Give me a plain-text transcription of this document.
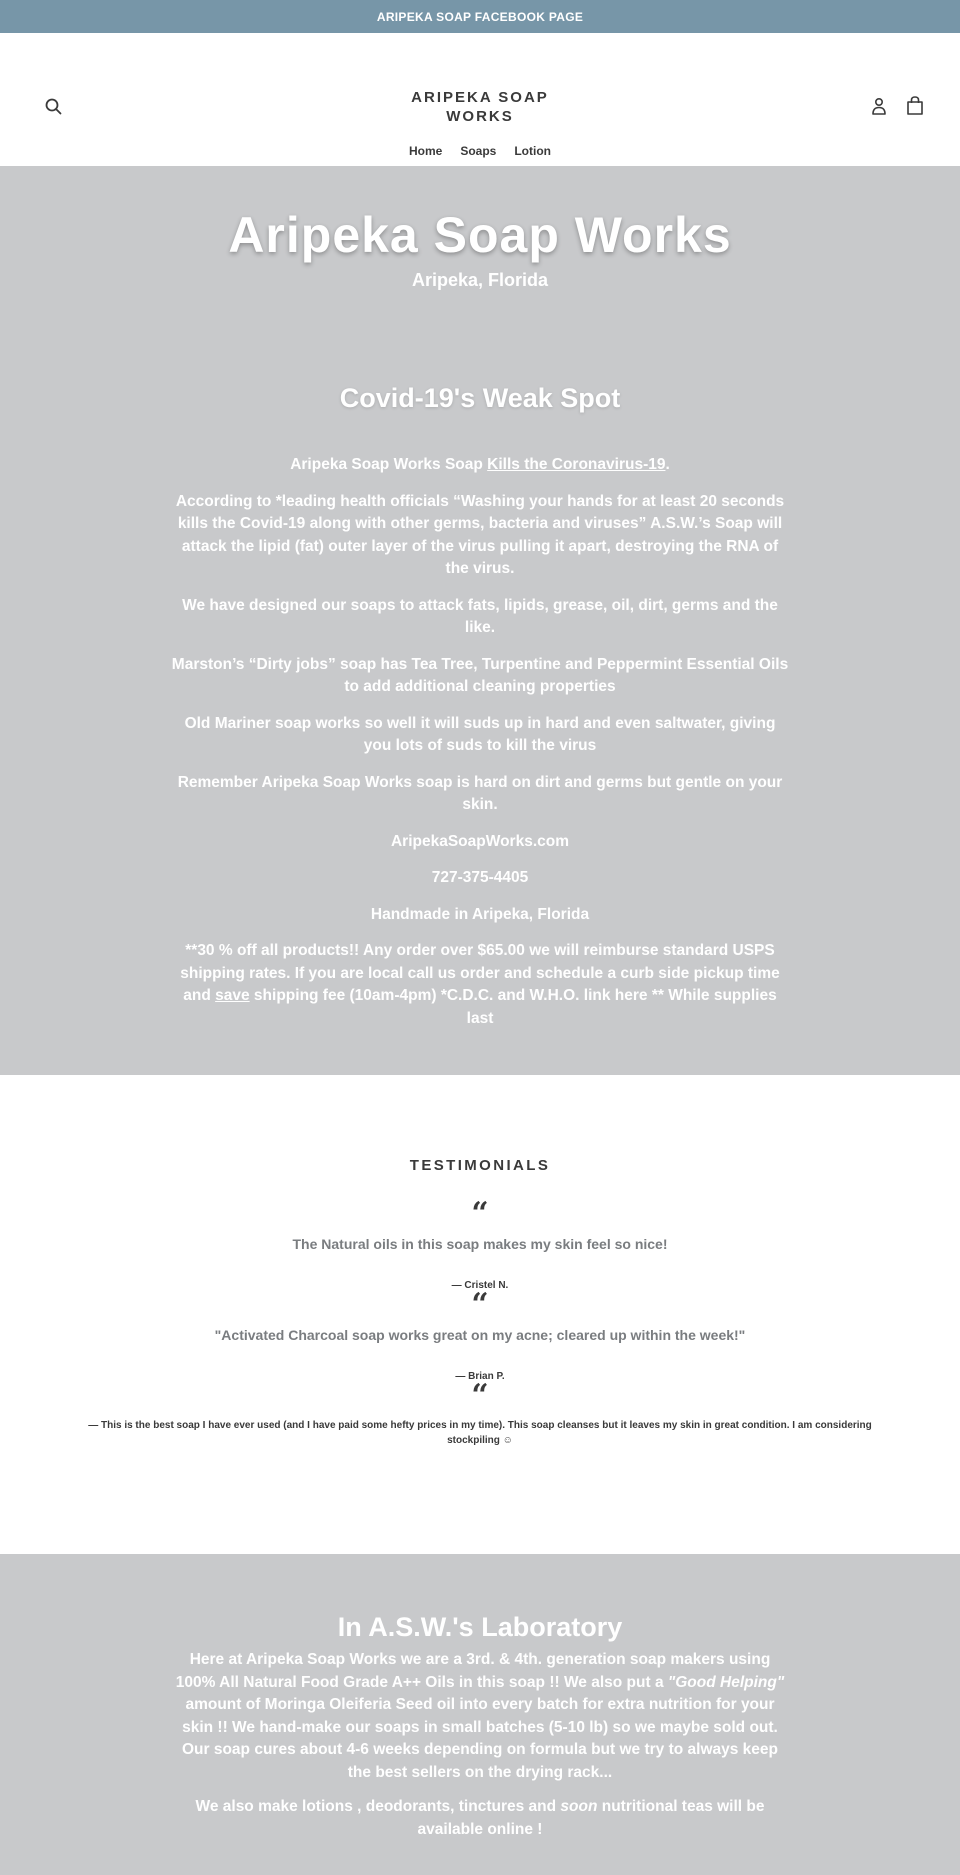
ARIPEKA SOAP FACEBOOK PAGE
ARIPEKA SOAP WORKS
Home Soaps Lotion
Aripeka Soap Works
Aripeka, Florida
Covid-19's Weak Spot

Aripeka Soap Works Soap Kills the Coronavirus-19.

According to *leading health officials “Washing your hands for at least 20 seconds kills the Covid-19 along with other germs, bacteria and viruses” A.S.W.’s Soap will attack the lipid (fat) outer layer of the virus pulling it apart, destroying the RNA of the virus.

We have designed our soaps to attack fats, lipids, grease, oil, dirt, germs and the like.

Marston’s “Dirty jobs” soap has Tea Tree, Turpentine and Peppermint Essential Oils to add additional cleaning properties

Old Mariner soap works so well it will suds up in hard and even saltwater, giving you lots of suds to kill the virus

Remember Aripeka Soap Works soap is hard on dirt and germs but gentle on your skin.

AripekaSoapWorks.com

727-375-4405

Handmade in Aripeka, Florida

**30 % off all products!! Any order over $65.00 we will reimburse standard USPS shipping rates. If you are local call us order and schedule a curb side pickup time and save shipping fee (10am-4pm) *C.D.C. and W.H.O. link here ** While supplies last

TESTIMONIALS
“
The Natural oils in this soap makes my skin feel so nice!
— Cristel N.
“
"Activated Charcoal soap works great on my acne; cleared up within the week!"
— Brian P.
“
— This is the best soap I have ever used (and I have paid some hefty prices in my time). This soap cleanses but it leaves my skin in great condition. I am considering stockpiling ☺
In A.S.W.'s Laboratory

Here at Aripeka Soap Works we are a 3rd. & 4th. generation soap makers using 100% All Natural Food Grade A++ Oils in this soap !! We also put a "Good Helping" amount of Moringa Oleiferia Seed oil into every batch for extra nutrition for your skin !! We hand-make our soaps in small batches (5-10 lb) so we maybe sold out. Our soap cures about 4-6 weeks depending on formula but we try to always keep the best sellers on the drying rack...

We also make lotions , deodorants, tinctures and soon nutritional teas will be available online !
